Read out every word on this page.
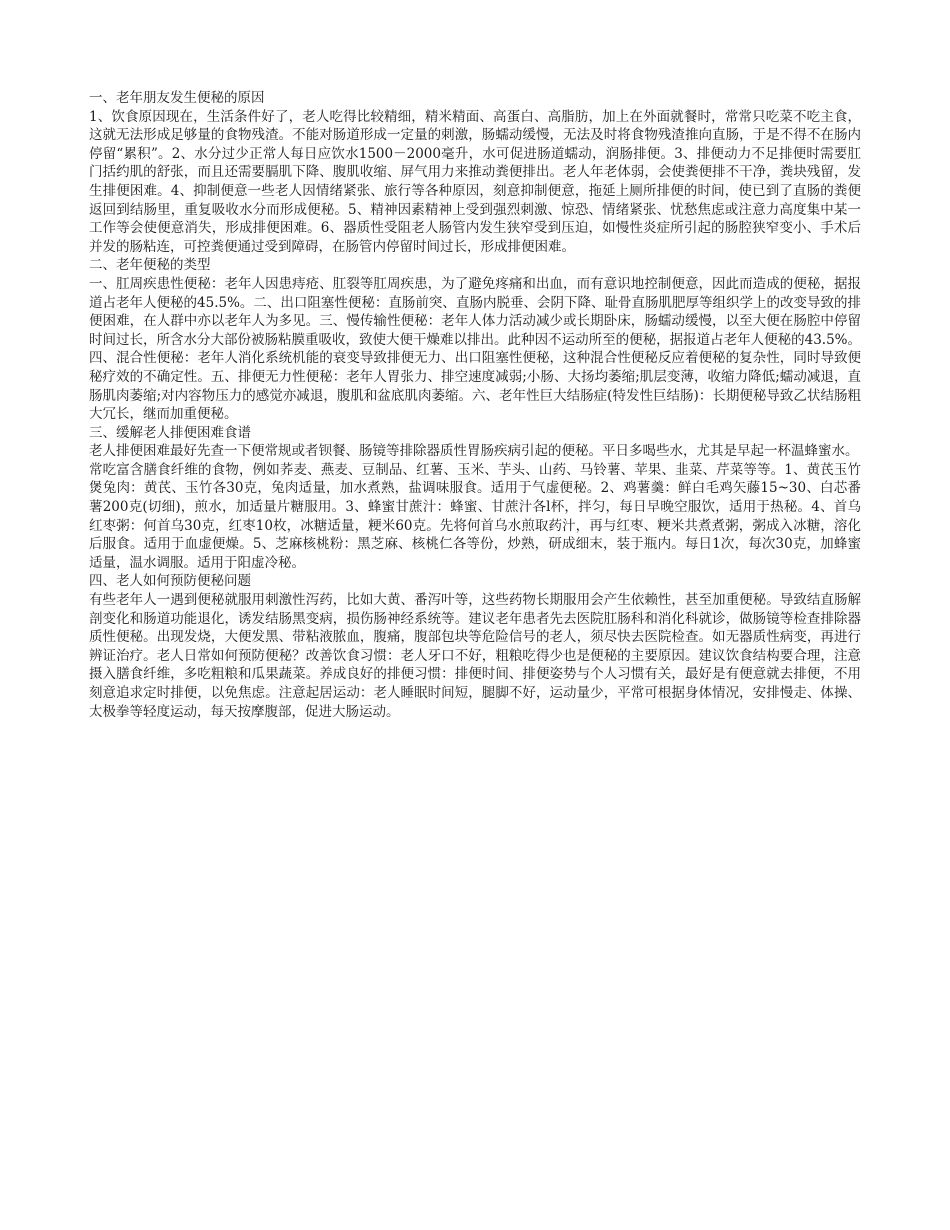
一、老年朋友发生便秘的原因

1、饮食原因现在，生活条件好了，老人吃得比较精细，精米精面、高蛋白、高脂肪，加上在外面就餐时，常常只吃菜不吃主食，这就无法形成足够量的食物残渣。不能对肠道形成一定量的刺激，肠蠕动缓慢，无法及时将食物残渣推向直肠，于是不得不在肠内停留“累积”。2、水分过少正常人每日应饮水1500－2000毫升，水可促进肠道蠕动，润肠排便。3、排便动力不足排便时需要肛门括约肌的舒张，而且还需要膈肌下降、腹肌收缩、屏气用力来推动粪便排出。老人年老体弱，会使粪便排不干净，粪块残留，发生排便困难。4、抑制便意一些老人因情绪紧张、旅行等各种原因，刻意抑制便意，拖延上厕所排便的时间，使已到了直肠的粪便返回到结肠里，重复吸收水分而形成便秘。5、精神因素精神上受到强烈刺激、惊恐、情绪紧张、忧愁焦虑或注意力高度集中某一工作等会使便意消失，形成排便困难。6、器质性受阻老人肠管内发生狭窄受到压迫，如慢性炎症所引起的肠腔狭窄变小、手术后并发的肠粘连，可控粪便通过受到障碍，在肠管内停留时间过长，形成排便困难。

二、老年便秘的类型

一、肛周疾患性便秘：老年人因患痔疮、肛裂等肛周疾患，为了避免疼痛和出血，而有意识地控制便意，因此而造成的便秘，据报道占老年人便秘的45.5%。二、出口阻塞性便秘：直肠前突、直肠内脱垂、会阴下降、耻骨直肠肌肥厚等组织学上的改变导致的排便困难，在人群中亦以老年人为多见。三、慢传输性便秘：老年人体力活动减少或长期卧床，肠蠕动缓慢，以至大便在肠腔中停留时间过长，所含水分大部份被肠粘膜重吸收，致使大便干燥难以排出。此种因不运动所至的便秘，据报道占老年人便秘的43.5%。四、混合性便秘：老年人消化系统机能的衰变导致排便无力、出口阻塞性便秘，这种混合性便秘反应着便秘的复杂性，同时导致便秘疗效的不确定性。五、排便无力性便秘：老年人胃张力、排空速度减弱;小肠、大扬均萎缩;肌层变薄，收缩力降低;蠕动减退，直肠肌肉萎缩;对内容物压力的感觉亦减退，腹肌和盆底肌肉萎缩。六、老年性巨大结肠症(特发性巨结肠)：长期便秘导致乙状结肠粗大冗长，继而加重便秘。

三、缓解老人排便困难食谱

老人排便困难最好先查一下便常规或者钡餐、肠镜等排除器质性胃肠疾病引起的便秘。平日多喝些水，尤其是早起一杯温蜂蜜水。

常吃富含膳食纤维的食物，例如荞麦、燕麦、豆制品、红薯、玉米、芋头、山药、马铃薯、苹果、韭菜、芹菜等等。1、黄芪玉竹煲兔肉：黄芪、玉竹各30克，兔肉适量，加水煮熟，盐调味服食。适用于气虚便秘。2、鸡薯羹：鲜白毛鸡矢藤15~30、白芯番薯200克(切细)，煎水，加适量片糖服用。3、蜂蜜甘蔗汁：蜂蜜、甘蔗汁各l杯，拌匀，每日早晚空服饮，适用于热秘。4、首乌红枣粥：何首乌30克，红枣10枚，冰糖适量，粳米60克。先将何首乌水煎取药汁，再与红枣、粳米共煮煮粥，粥成入冰糖，溶化后服食。适用于血虚便燥。5、芝麻核桃粉：黑芝麻、核桃仁各等份，炒熟，研成细末，装于瓶内。每日1次，每次30克，加蜂蜜适量，温水调服。适用于阳虚冷秘。

四、老人如何预防便秘问题

有些老年人一遇到便秘就服用刺激性泻药，比如大黄、番泻叶等，这些药物长期服用会产生依赖性，甚至加重便秘。导致结直肠解剖变化和肠道功能退化，诱发结肠黑变病，损伤肠神经系统等。建议老年患者先去医院肛肠科和消化科就诊，做肠镜等检查排除器质性便秘。出现发烧，大便发黑、带粘液脓血，腹痛，腹部包块等危险信号的老人，须尽快去医院检查。如无器质性病变，再进行辨证治疗。老人日常如何预防便秘？改善饮食习惯：老人牙口不好，粗粮吃得少也是便秘的主要原因。建议饮食结构要合理，注意摄入膳食纤维，多吃粗粮和瓜果蔬菜。养成良好的排便习惯：排便时间、排便姿势与个人习惯有关，最好是有便意就去排便，不用刻意追求定时排便，以免焦虑。注意起居运动：老人睡眠时间短，腿脚不好，运动量少，平常可根据身体情况，安排慢走、体操、太极拳等轻度运动，每天按摩腹部，促进大肠运动。
